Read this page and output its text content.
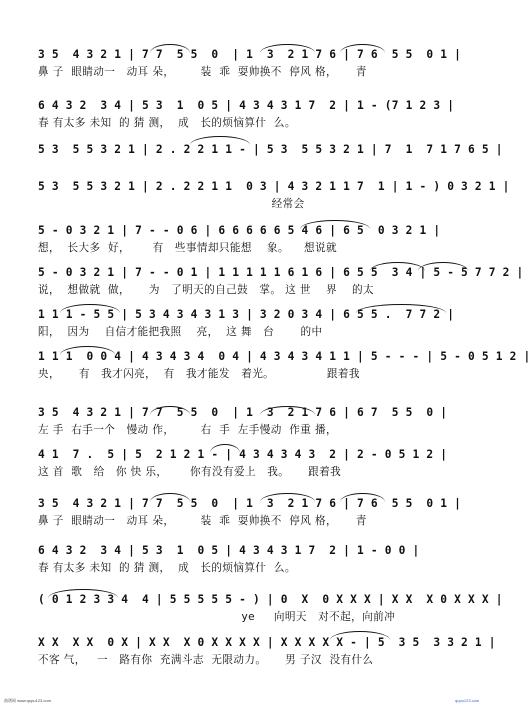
3 5  4 3 2 1 | 7 7  5 5  0  | 1  3  2 1 7 6 | 7 6  5 5  0 1 |
鼻 子  眼睛动一   动耳 朵，       装  乖  耍帅换不  停风 格，     青
6 4 3 2  3 4 | 5 3  1  0 5 | 4 3 4 3 1 7  2 | 1 - (7 1 2 3 |
春 有太多 未知  的 猜 测，  成   长的烦恼算什  么。
5 3  5 5 3 2 1 | 2 . 2 2 1 1 - | 5 3  5 5 3 2 1 | 7  1  7 1 7 6 5 |
5 3  5 5 3 2 1 | 2 . 2 2 1 1  0 3 | 4 3 2 1 1 7  1 | 1 - ) 0 3 2 1 |
经常会
5 - 0 3 2 1 | 7 - - 0 6 | 6 6 6 6 6 5 4 6 | 6 5  0 3 2 1 |
想，  长大多  好，      有   些事情却只能想    象。    想说就
5 - 0 3 2 1 | 7 - - 0 1 | 1 1 1 1 1 6 1 6 | 6 5 5  3 4 | 5 - 5 7 7 2 |
说，  想做就  做，     为   了明天的自己鼓   掌。 这 世    界    的太
1 1 1 - 5 5 | 5 3 4 3 4 3 1 3 | 3 2 0 3 4 | 6 5 5 .  7 7 2 |
阳，  因为    自信才能把我照    亮，  这 舞   台       的中
1 1 1  0 0 4 | 4 3 4 3 4  0 4 | 4 3 4 3 4 1 1 | 5 - - - | 5 - 0 5 1 2 |
央，     有   我才闪亮，  有   我才能发   着光。              跟着我
3 5  4 3 2 1 | 7 7  5 5  0  | 1  3  2 1 7 6 | 6 7  5 5  0 |
左 手  右手一个   慢动 作，       右  手  左手慢动  作重 播，
4 1  7 .  5 | 5  2 1 2 1 - | 4 3 4 3 4 3  2 | 2 - 0 5 1 2 |
这 首  歌   给   你 快 乐，      你有没有爱上   我。     跟着我
3 5  4 3 2 1 | 7 7  5 5  0  | 1  3  2 1 7 6 | 7 6  5 5  0 1 |
鼻 子  眼睛动一   动耳 朵，       装  乖  耍帅换不  停风 格，     青
6 4 3 2  3 4 | 5 3  1  0 5 | 4 3 4 3 1 7  2 | 1 - 0 0 |
春 有太多 未知  的 猜 测，  成   长的烦恼算什  么。
( 0 1 2 3 3 4  4 | 5 5 5 5 5 - ) | 0  X  0 X X X | X X  X 0 X X X |
ye     向明天   对不起，向前冲
X X  X X  0 X | X X  X 0 X X X X | X X X X X - | 5  3 5  3 3 2 1 |
不客 气，   一   路有你  充满斗志  无限动力。     男 子汉  没有什么
曲谱网 www.qupu123.com	qupu123.com
